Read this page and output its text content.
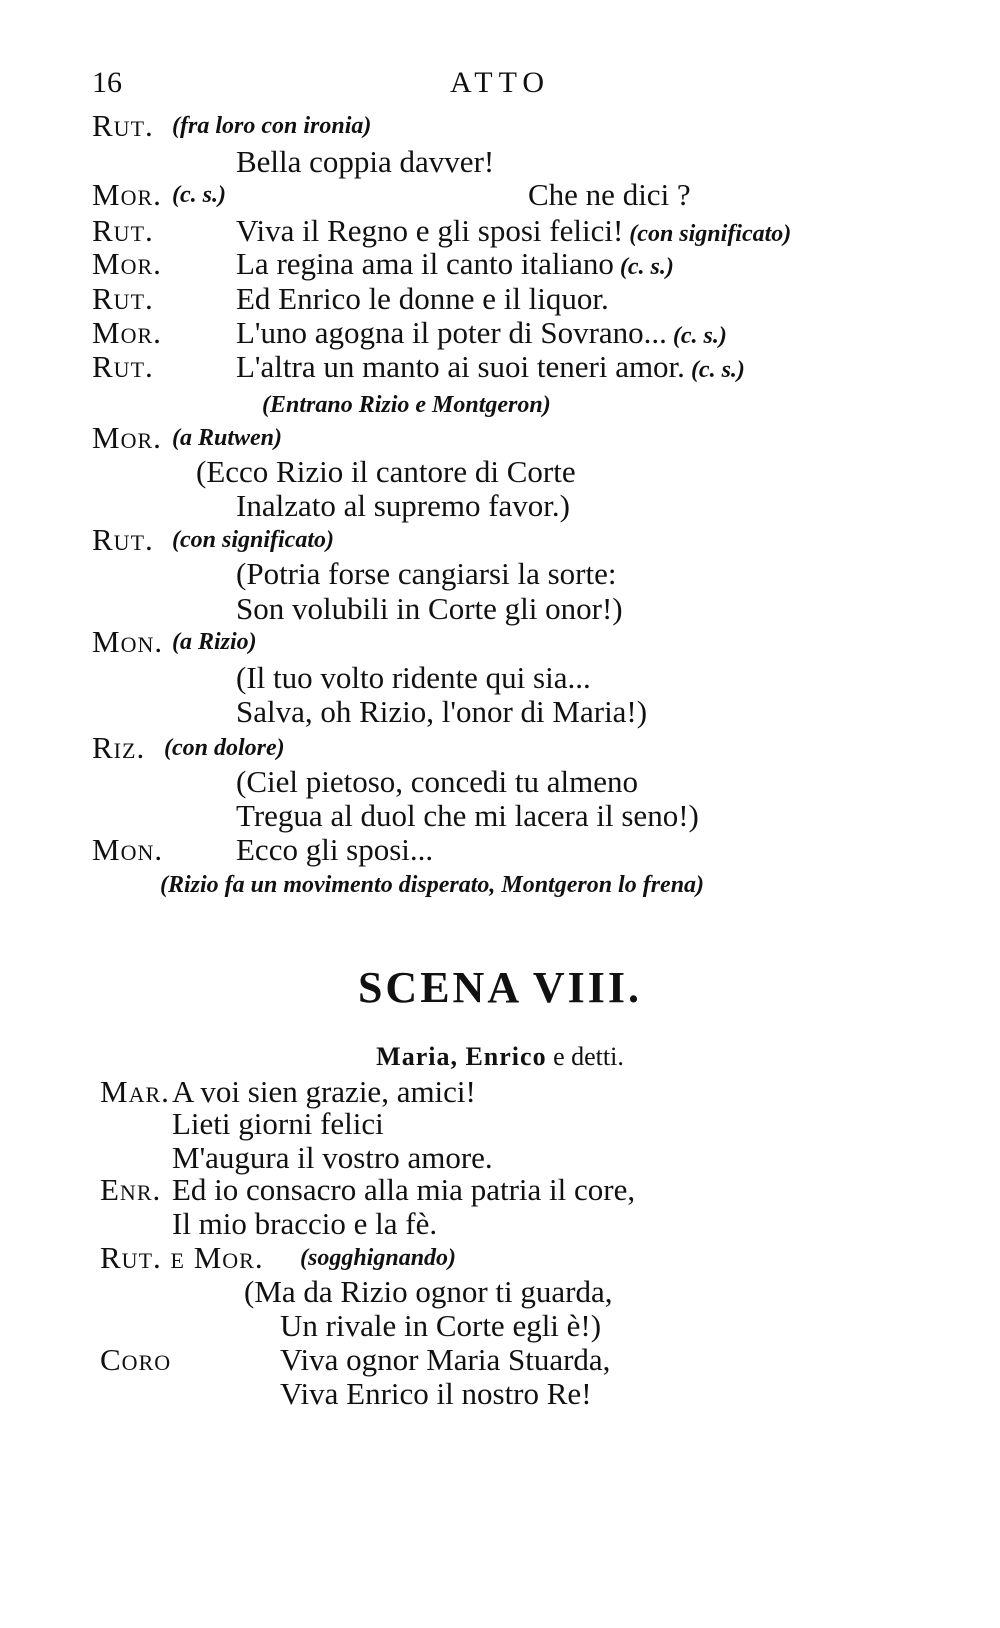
16	ATTO
Rut. (fra loro con ironia)
Bella coppia davver!
Mor.	Che ne dici ?
(c. s.)
Rut.	Viva il Regno e gli sposi felici! (con significato)
Mor. La regina ama il canto italiano (c. s.)
Rut.	Ed Enrico le donne e il liquor.
Mor. L'uno agogna il poter di Sovrano... (c. s.)
Rut.	L'altra un manto ai suoi teneri amor. (c. s.)
(Entrano Rizio e Montgeron)
Mor. (a Rutwen)
(Ecco Rizio il cantore di Corte
Inalzato al supremo favor.)
Rut. (con significato)
(Potria forse cangiarsi la sorte:
Son volubili in Corte gli onor!)
Mon. (a Rizio)
(Il tuo volto ridente qui sia...
Salva, oh Rizio, l'onor di Maria!)
Riz. (con dolore)
(Ciel pietoso, concedi tu almeno
Tregua al duol che mi lacera il seno!)
Mon. Ecco gli sposi...
(Rizio fa un movimento disperato, Montgeron lo frena)
SCENA VIII.
Maria, Enrico e detti.
Mar. A voi sien grazie, amici!
Lieti giorni felici
M'augura il vostro amore.
Enr. Ed io consacro alla mia patria il core,
Il mio braccio e la fè.
Rut. e Mor. (sogghignando)
(Ma da Rizio ognor ti guarda,
Un rivale in Corte egli è!)
Coro	Viva ognor Maria Stuarda,
Viva Enrico il nostro Re!
